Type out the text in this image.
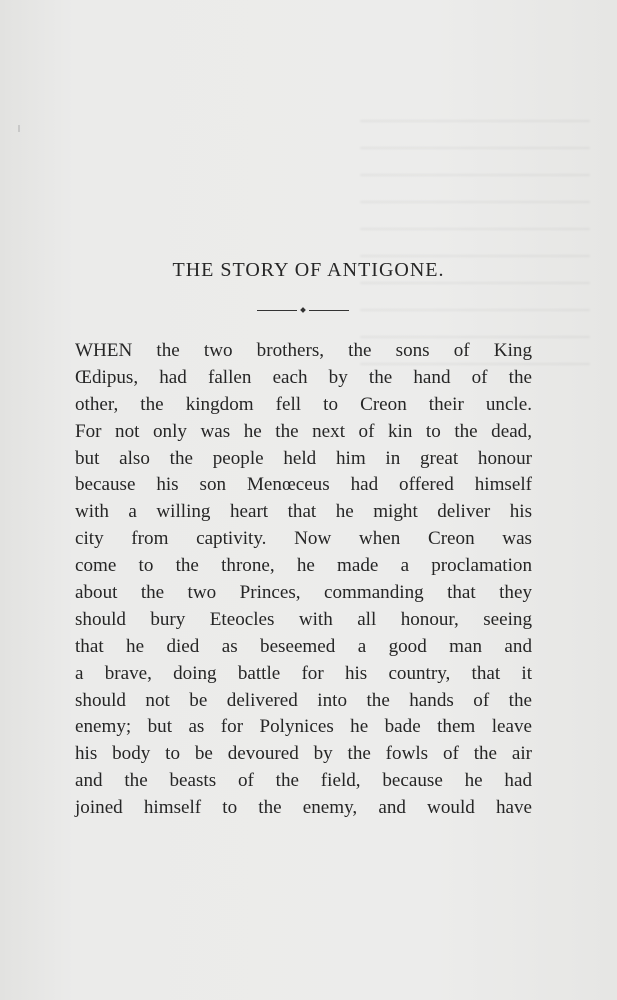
THE STORY OF ANTIGONE.
WHEN the two brothers, the sons of King
Œdipus, had fallen each by the hand of the
other, the kingdom fell to Creon their uncle.
For not only was he the next of kin to the dead,
but also the people held him in great honour
because his son Menœceus had offered himself
with a willing heart that he might deliver his
city from captivity. Now when Creon was
come to the throne, he made a proclamation
about the two Princes, commanding that they
should bury Eteocles with all honour, seeing
that he died as beseemed a good man and
a brave, doing battle for his country, that it
should not be delivered into the hands of the
enemy; but as for Polynices he bade them leave
his body to be devoured by the fowls of the air
and the beasts of the field, because he had
joined himself to the enemy, and would have
